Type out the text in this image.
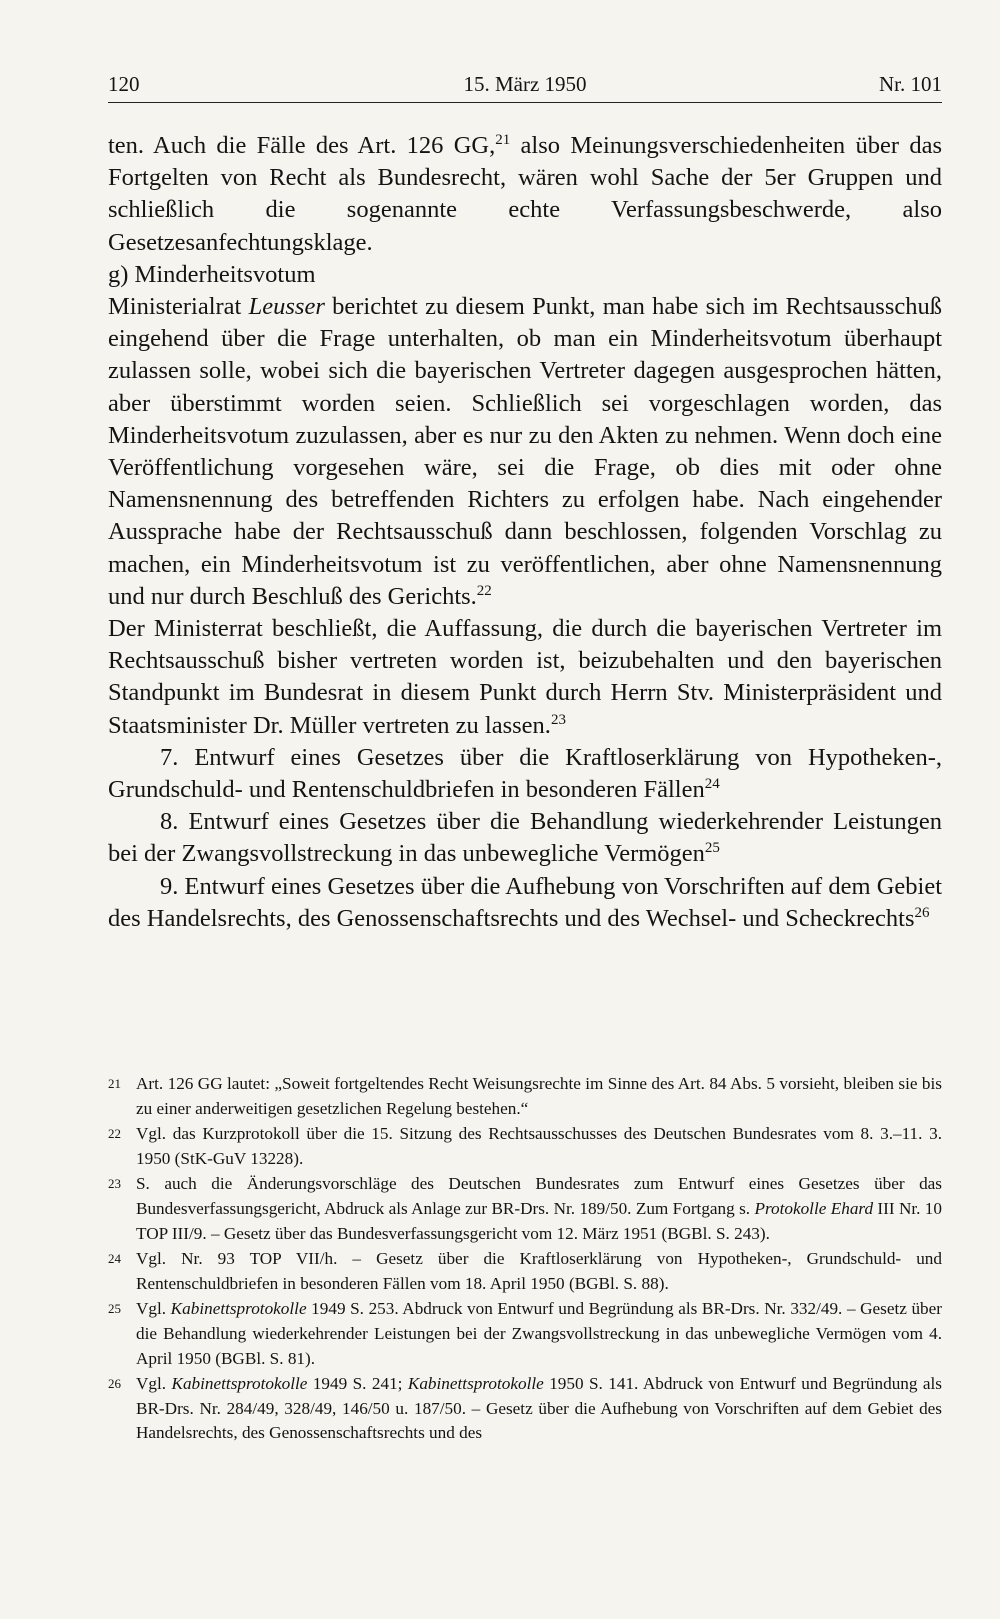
120	15. März 1950	Nr. 101

ten. Auch die Fälle des Art. 126 GG,$^{21}$ also Meinungsverschiedenheiten über das Fortgelten von Recht als Bundesrecht, wären wohl Sache der 5er Gruppen und schließlich die sogenannte echte Verfassungsbeschwerde, also Gesetzesanfechtungsklage.

g) Minderheitsvotum

Ministerialrat Leusser berichtet zu diesem Punkt, man habe sich im Rechtsausschuß eingehend über die Frage unterhalten, ob man ein Minderheitsvotum überhaupt zulassen solle, wobei sich die bayerischen Vertreter dagegen ausgesprochen hätten, aber überstimmt worden seien. Schließlich sei vorgeschlagen worden, das Minderheitsvotum zuzulassen, aber es nur zu den Akten zu nehmen. Wenn doch eine Veröffentlichung vorgesehen wäre, sei die Frage, ob dies mit oder ohne Namensnennung des betreffenden Richters zu erfolgen habe. Nach eingehender Aussprache habe der Rechtsausschuß dann beschlossen, folgenden Vorschlag zu machen, ein Minderheitsvotum ist zu veröffentlichen, aber ohne Namensnennung und nur durch Beschluß des Gerichts.$^{22}$

Der Ministerrat beschließt, die Auffassung, die durch die bayerischen Vertreter im Rechtsausschuß bisher vertreten worden ist, beizubehalten und den bayerischen Standpunkt im Bundesrat in diesem Punkt durch Herrn Stv. Ministerpräsident und Staatsminister Dr. Müller vertreten zu lassen.$^{23}$

7. Entwurf eines Gesetzes über die Kraftloserklärung von Hypotheken-, Grundschuld- und Rentenschuldbriefen in besonderen Fällen$^{24}$

8. Entwurf eines Gesetzes über die Behandlung wiederkehrender Leistungen bei der Zwangsvollstreckung in das unbewegliche Vermögen$^{25}$

9. Entwurf eines Gesetzes über die Aufhebung von Vorschriften auf dem Gebiet des Handelsrechts, des Genossenschaftsrechts und des Wechsel- und Scheckrechts$^{26}$

21 Art. 126 GG lautet: „Soweit fortgeltendes Recht Weisungsrechte im Sinne des Art. 84 Abs. 5 vorsieht, bleiben sie bis zu einer anderweitigen gesetzlichen Regelung bestehen.“
22 Vgl. das Kurzprotokoll über die 15. Sitzung des Rechtsausschusses des Deutschen Bundesrates vom 8. 3.–11. 3. 1950 (StK-GuV 13228).
23 S. auch die Änderungsvorschläge des Deutschen Bundesrates zum Entwurf eines Gesetzes über das Bundesverfassungsgericht, Abdruck als Anlage zur BR-Drs. Nr. 189/50. Zum Fortgang s. Protokolle Ehard III Nr. 10 TOP III/9. – Gesetz über das Bundesverfassungsgericht vom 12. März 1951 (BGBl. S. 243).
24 Vgl. Nr. 93 TOP VII/h. – Gesetz über die Kraftloserklärung von Hypotheken-, Grundschuld- und Rentenschuldbriefen in besonderen Fällen vom 18. April 1950 (BGBl. S. 88).
25 Vgl. Kabinettsprotokolle 1949 S. 253. Abdruck von Entwurf und Begründung als BR-Drs. Nr. 332/49. – Gesetz über die Behandlung wiederkehrender Leistungen bei der Zwangsvollstreckung in das unbewegliche Vermögen vom 4. April 1950 (BGBl. S. 81).
26 Vgl. Kabinettsprotokolle 1949 S. 241; Kabinettsprotokolle 1950 S. 141. Abdruck von Entwurf und Begründung als BR-Drs. Nr. 284/49, 328/49, 146/50 u. 187/50. – Gesetz über die Aufhebung von Vorschriften auf dem Gebiet des Handelsrechts, des Genossenschaftsrechts und des
